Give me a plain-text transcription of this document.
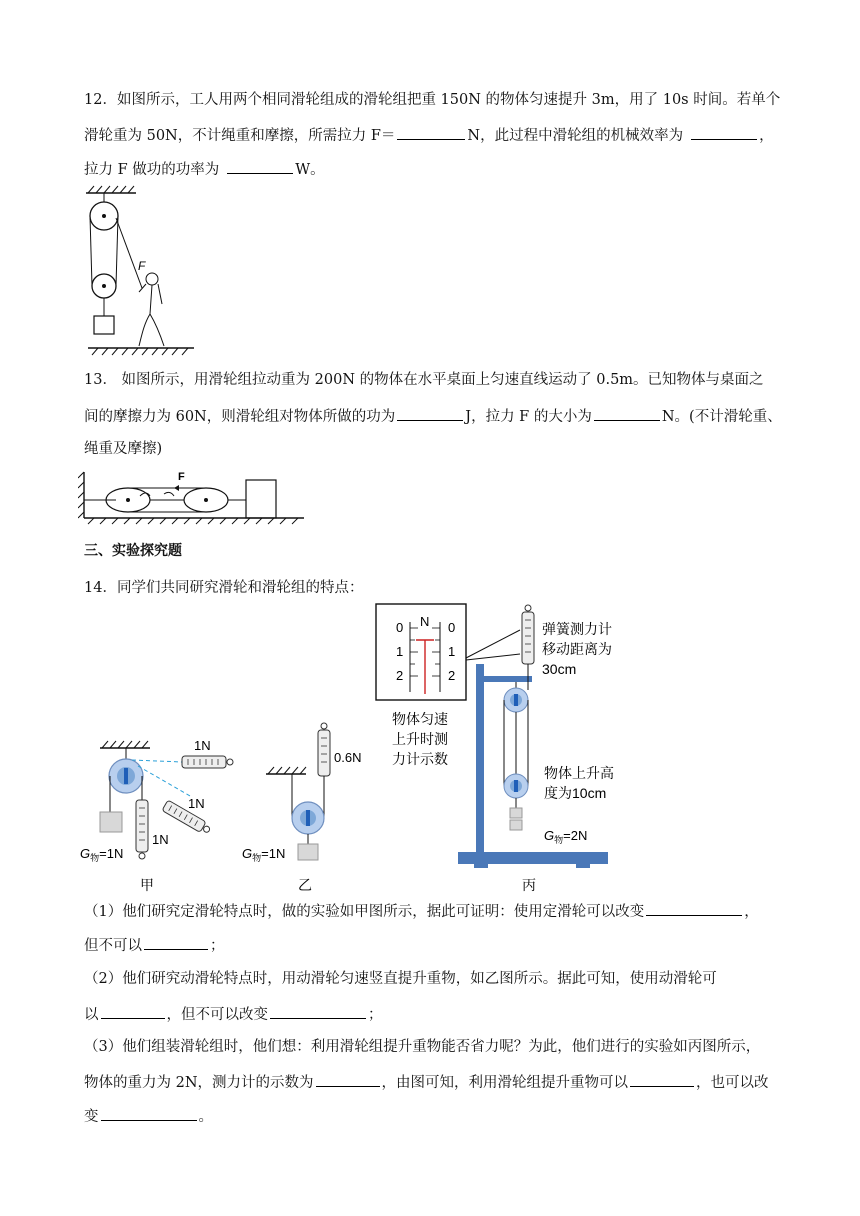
12．如图所示，工人用两个相同滑轮组成的滑轮组把重 150N 的物体匀速提升 3m，用了 10s 时间。若单个
滑轮重为 50N，不计绳重和摩擦，所需拉力 F＝	N，此过程中滑轮组的机械效率为	，
拉力 F 做功的功率为	W。
F
13． 如图所示，用滑轮组拉动重为 200N 的物体在水平桌面上匀速直线运动了 0.5m。已知物体与桌面之
间的摩擦力为 60N，则滑轮组对物体所做的功为	J，拉力 F 的大小为	N。(不计滑轮重、
绳重及摩擦)
F
三、实验探究题
14．同学们共同研究滑轮和滑轮组的特点：
1N
1N
1N
$G_物=1N$
甲
0.6N
$G_物=1N$
乙
N
0
1
2
0
1
2
物体匀速
上升时测
力计示数
弹簧测力计
移动距离为
30cm
物体上升高
度为10cm
$G_物=2N$
丙
（1）他们研究定滑轮特点时，做的实验如甲图所示，据此可证明：使用定滑轮可以改变	，
但不可以	；
（2）他们研究动滑轮特点时，用动滑轮匀速竖直提升重物，如乙图所示。据此可知，使用动滑轮可
以	，但不可以改变	；
（3）他们组装滑轮组时，他们想：利用滑轮组提升重物能否省力呢？为此，他们进行的实验如丙图所示，
物体的重力为 2N，测力计的示数为	，由图可知，利用滑轮组提升重物可以	，也可以改
变	。
